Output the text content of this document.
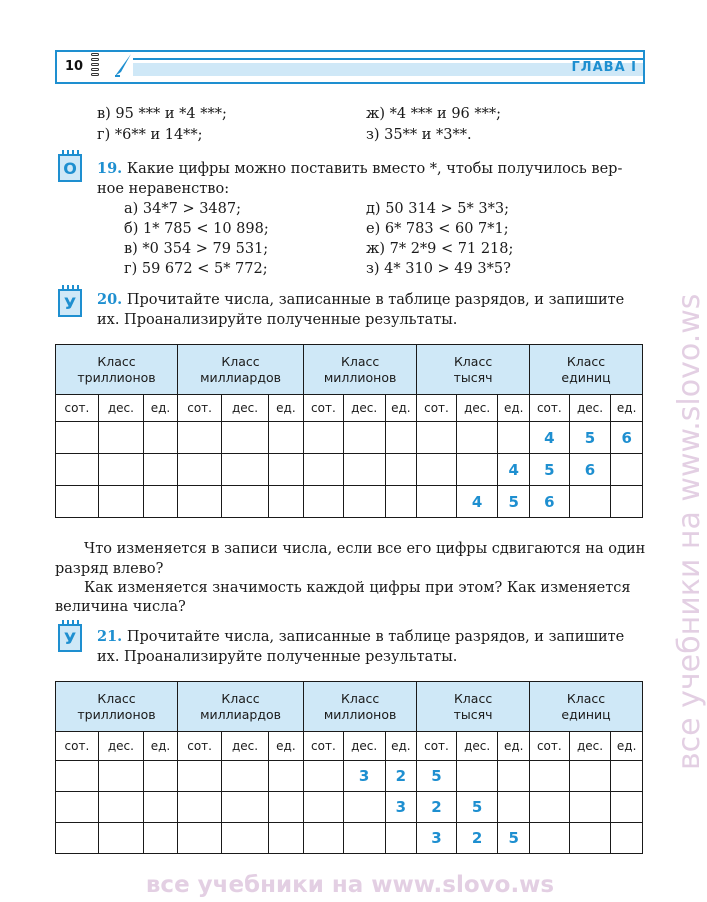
10	ГЛАВА I
в) 95 *** и *4 ***;
г) *6** и 14**;
ж) *4 *** и 96 ***;
з) 35** и *3**.
О 19. Какие цифры можно поставить вместо *, чтобы получилось вер-
ное неравенство:
а) 34*7 > 3487;
б) 1* 785 < 10 898;
в) *0 354 > 79 531;
г) 59 672 < 5* 772;
д) 50 314 > 5* 3*3;
е) 6* 783 < 60 7*1;
ж) 7* 2*9 < 71 218;
з) 4* 310 > 49 3*5?
У 20. Прочитайте числа, записанные в таблице разрядов, и запишите
их. Проанализируйте полученные результаты.
Класс
триллионов			Класс
миллиардов			Класс
миллионов			Класс
тысяч			Класс
единиц		
сот.	дес.	ед.	сот.	дес.	ед.	сот.	дес.	ед.	сот.	дес.	ед.	сот.	дес.	ед.
												4	5	6
											4	5	6	
										4	5	6		
Что изменяется в записи числа, если все его цифры сдвигаются на один
разряд влево?
Как изменяется значимость каждой цифры при этом? Как изменяется
величина числа?
У 21. Прочитайте числа, записанные в таблице разрядов, и запишите
их. Проанализируйте полученные результаты.
Класс
триллионов			Класс
миллиардов			Класс
миллионов			Класс
тысяч			Класс
единиц		
сот.	дес.	ед.	сот.	дес.	ед.	сот.	дес.	ед.	сот.	дес.	ед.	сот.	дес.	ед.
							3	2	5					
								3	2	5				
									3	2	5			
все учебники на www.slovo.ws
все учебники на www.slovo.ws
